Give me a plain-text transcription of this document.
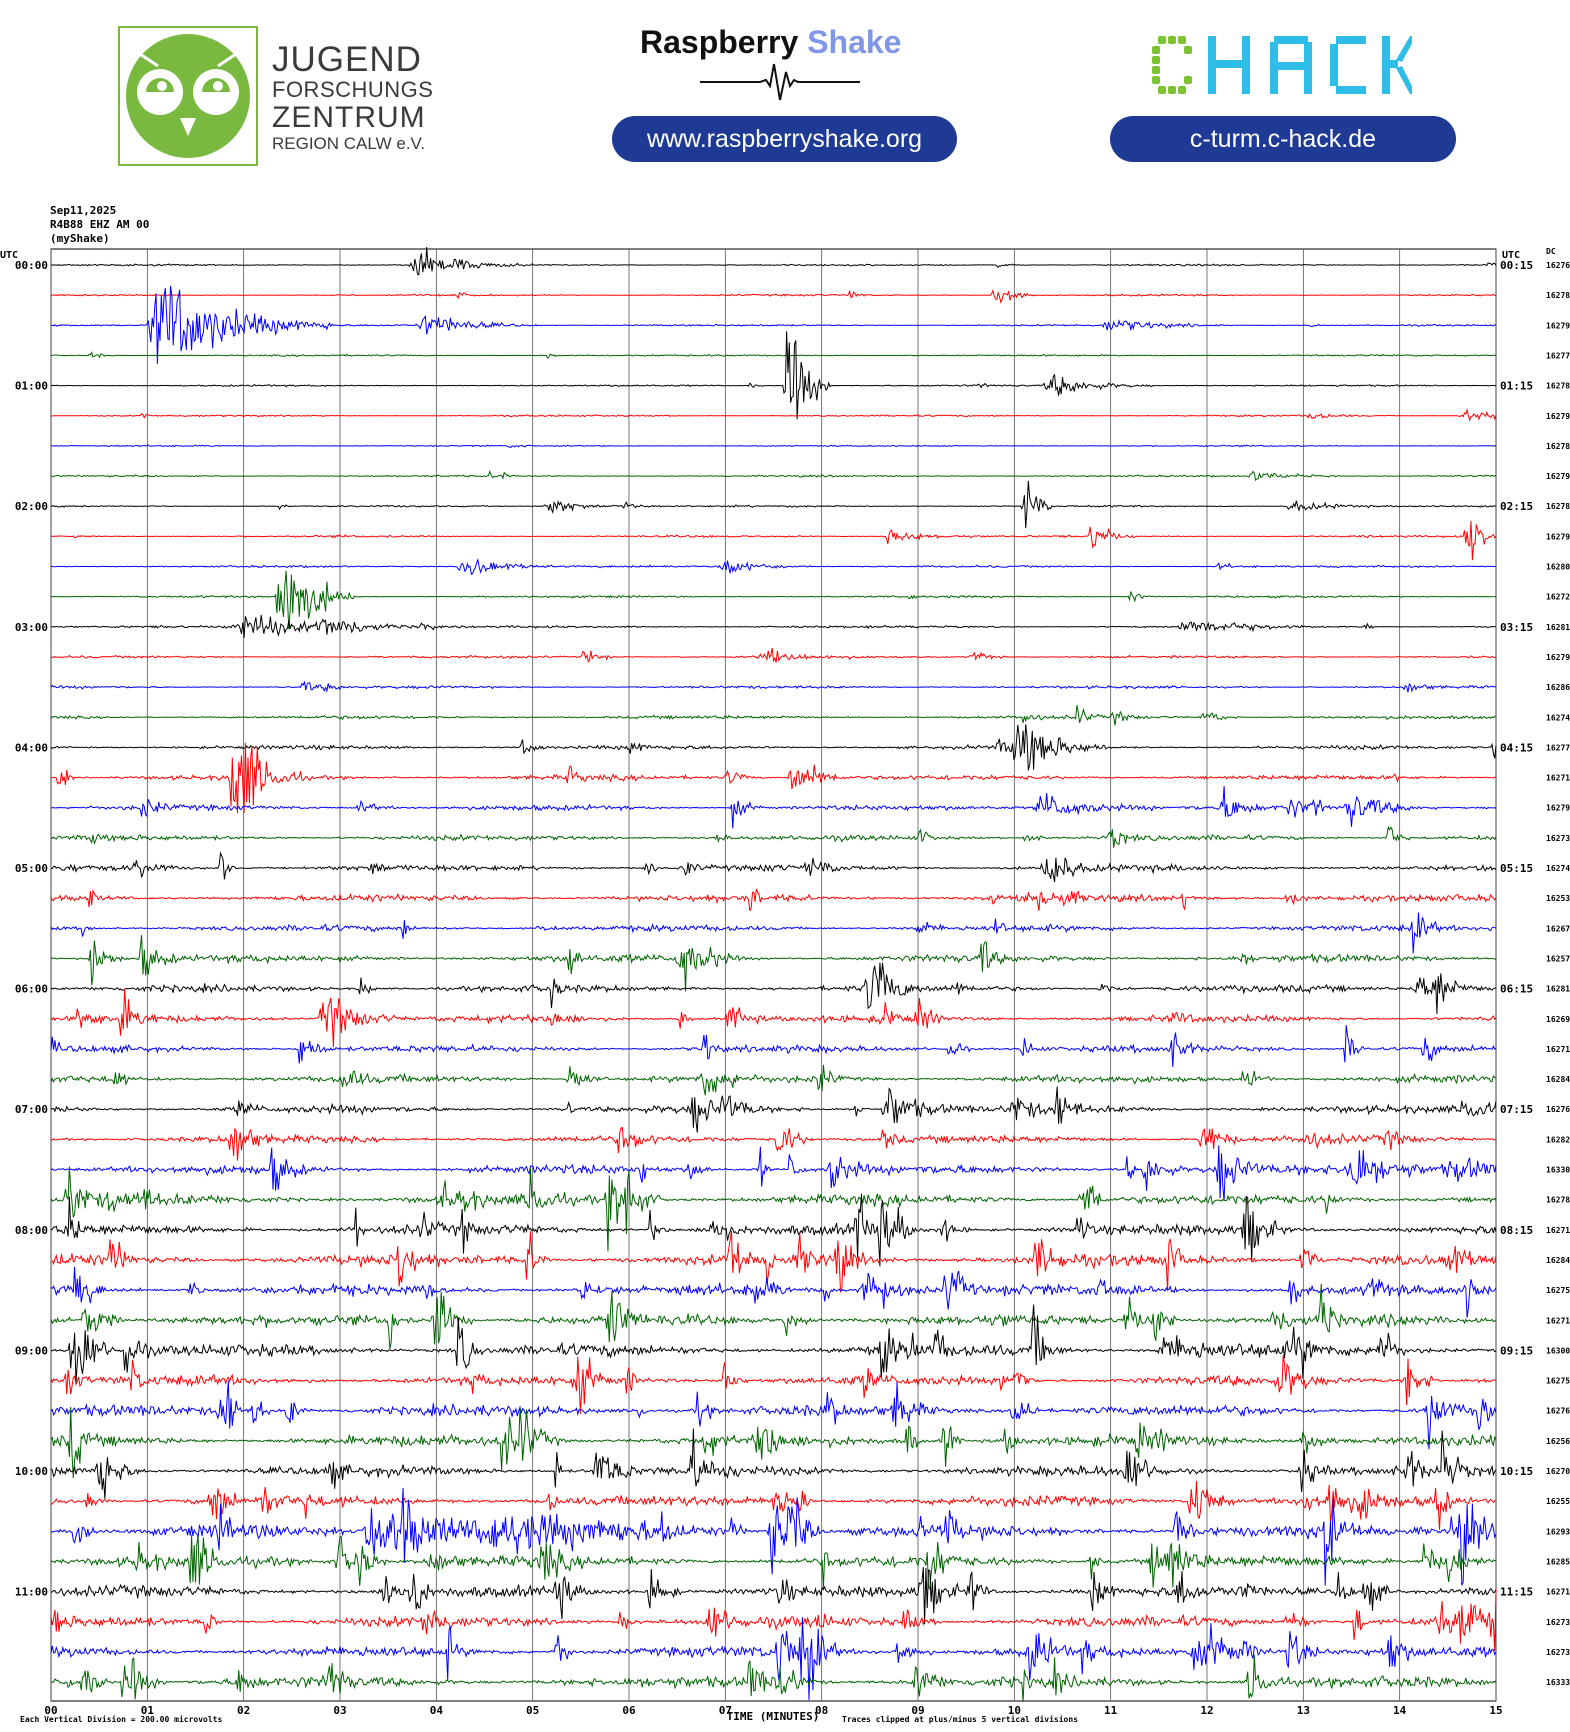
JUGEND
FORSCHUNGS
ZENTRUM
REGION CALW e.V.
Raspberry Shake
www.raspberryshake.org	c-turm.c-hack.de
Sep11,2025
R4B88 EHZ AM 00
(myShake)
00	01	02	03	04	05	06	07	08	09	10	11	12	13	14	15
16276
16278
16279
16277
16278
16279
16278
16279
16278
16279
16280
16272
16281
16279
16286
16274
16277
16271
16279
16273
16274
16253
16267
16257
16281
16269
16271
16284
16276
16282
16330
16278
16271
16284
16275
16271
16300
16275
16276
16256
16270
16255
16293
16285
16271
16273
16273
16333
00:00
01:00
02:00
03:00
04:00
05:00
06:00
07:00
08:00
09:00
10:00
11:00
00:15
01:15
02:15
03:15
04:15
05:15
06:15
07:15
08:15
09:15
10:15
11:15
UTC	UTC	DC
TIME (MINUTES)
Each Vertical Division = 200.00 microvolts	Traces clipped at plus/minus 5 vertical divisions
